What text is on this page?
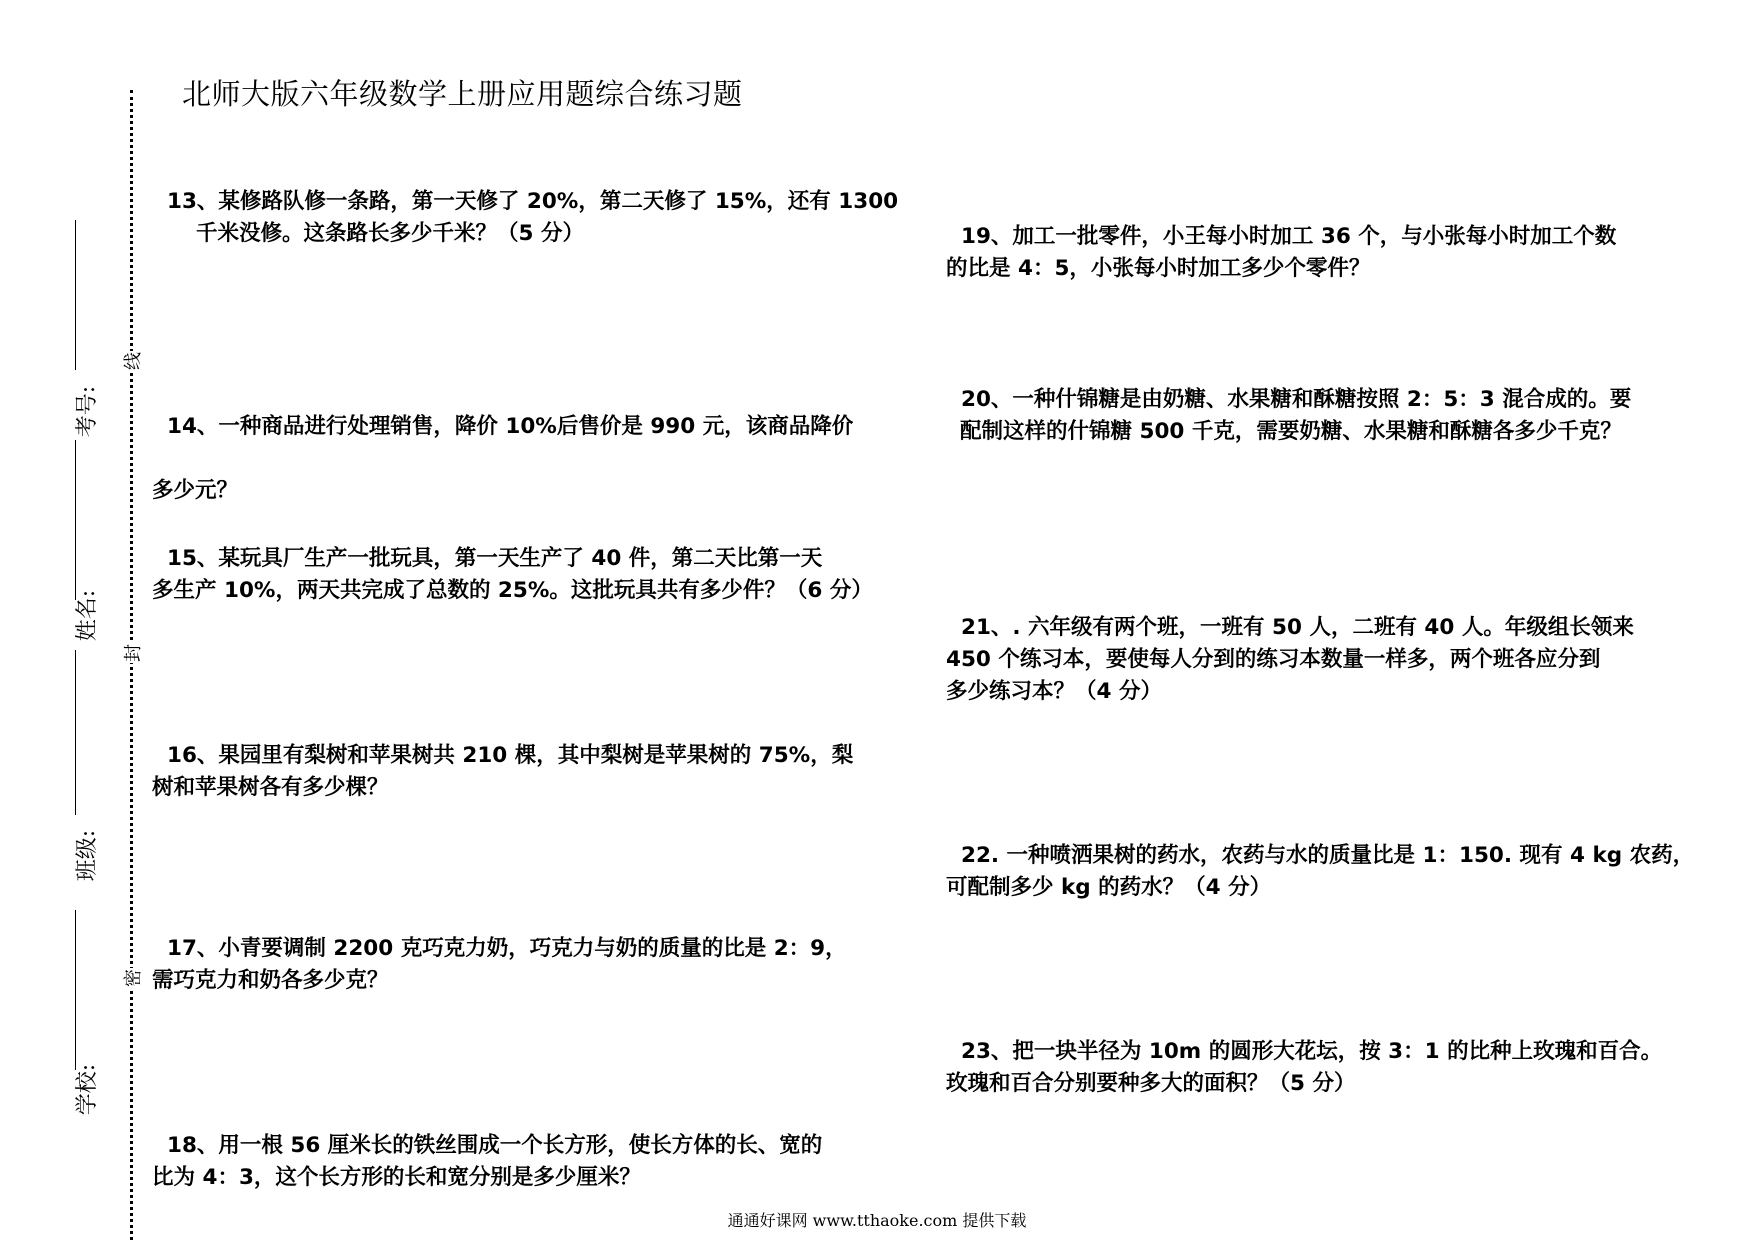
北师大版六年级数学上册应用题综合练习题
线
封
密
考号:
姓名:
班级:
学校:

13、某修路队修一条路，第一天修了 20%，第二天修了 15%，还有 1300
千米没修。这条路长多少千米？（5 分）

14、一种商品进行处理销售，降价 10%后售价是 990 元，该商品降价
多少元？

15、某玩具厂生产一批玩具，第一天生产了 40 件，第二天比第一天
多生产 10%，两天共完成了总数的 25%。这批玩具共有多少件？（6 分）

16、果园里有梨树和苹果树共 210 棵，其中梨树是苹果树的 75%，梨
树和苹果树各有多少棵？

17、小青要调制 2200 克巧克力奶，巧克力与奶的质量的比是 2：9，
需巧克力和奶各多少克？

18、用一根 56 厘米长的铁丝围成一个长方形，使长方体的长、宽的
比为 4：3，这个长方形的长和宽分别是多少厘米？

19、加工一批零件，小王每小时加工 36 个，与小张每小时加工个数
的比是 4：5，小张每小时加工多少个零件？

20、一种什锦糖是由奶糖、水果糖和酥糖按照 2：5：3 混合成的。要
配制这样的什锦糖 500 千克，需要奶糖、水果糖和酥糖各多少千克？

21、. 六年级有两个班，一班有 50 人，二班有 40 人。年级组长领来
450 个练习本，要使每人分到的练习本数量一样多，两个班各应分到
多少练习本？（4 分）

22. 一种喷洒果树的药水，农药与水的质量比是 1：150. 现有 4 kg 农药，
可配制多少 kg 的药水？（4 分）

23、把一块半径为 10m 的圆形大花坛，按 3：1 的比种上玫瑰和百合。
玫瑰和百合分别要种多大的面积？（5 分）

通通好课网 www.tthaoke.com 提供下载
